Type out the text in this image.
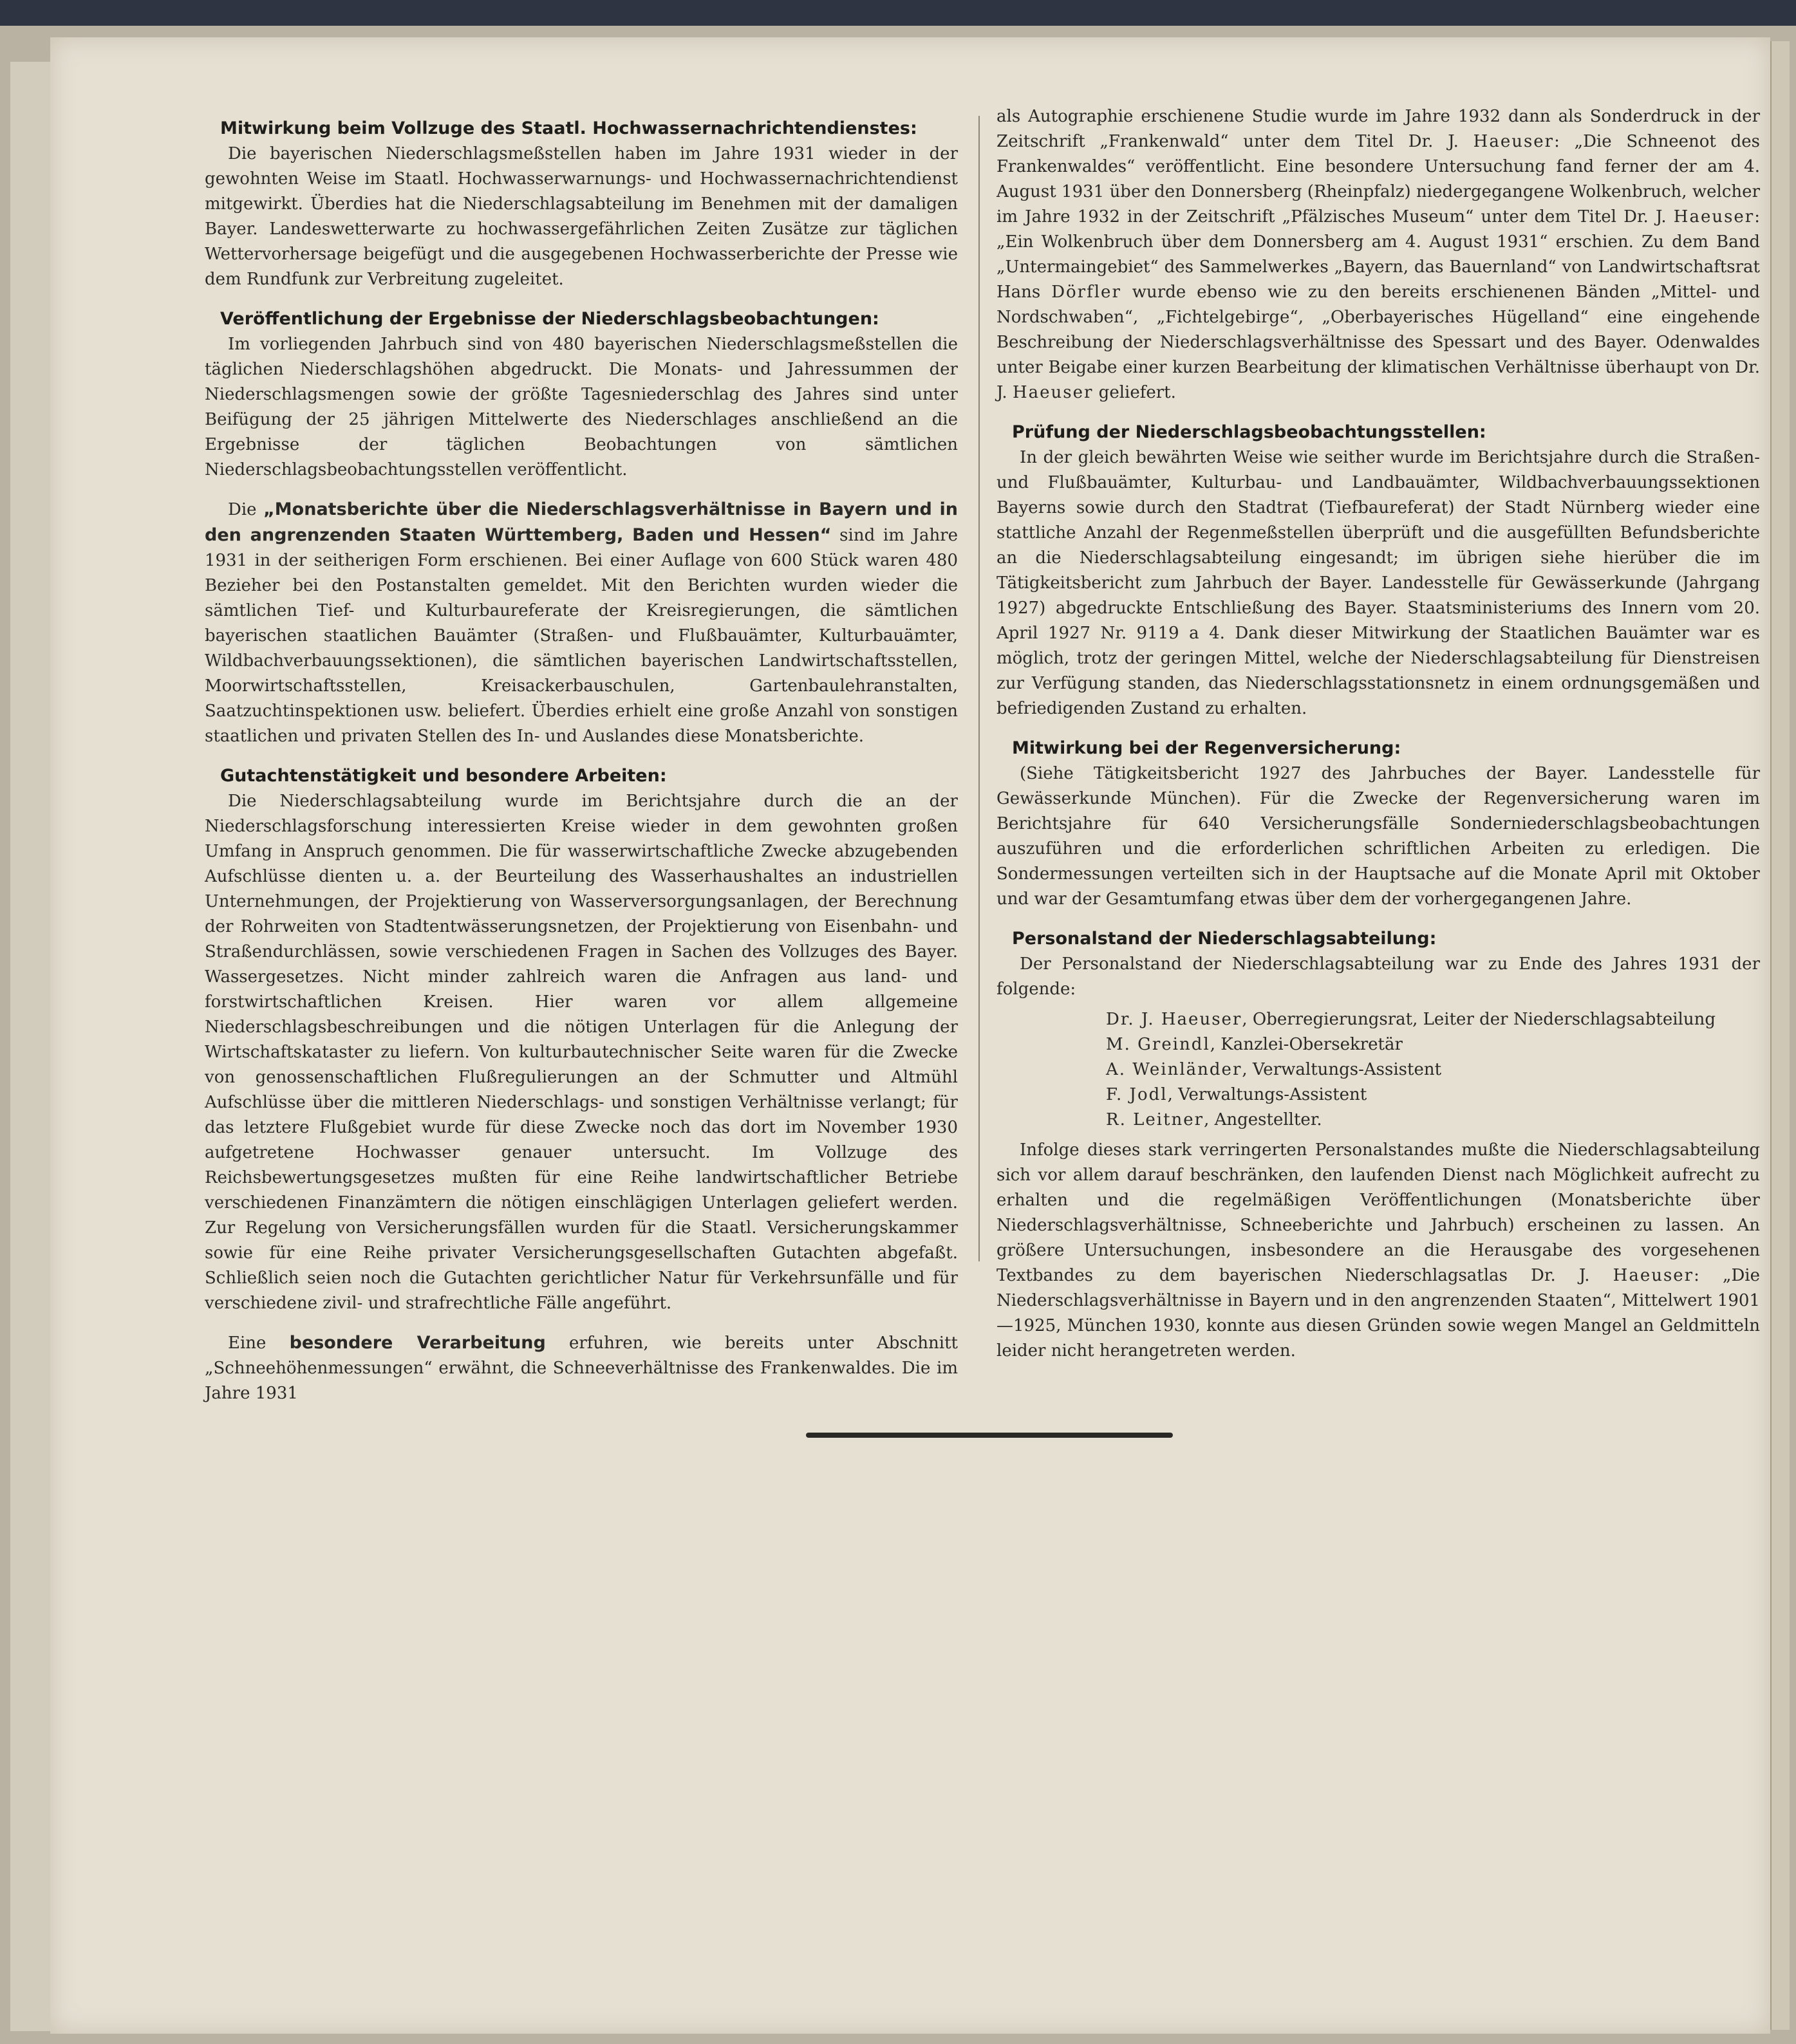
Mitwirkung beim Vollzuge des Staatl. Hochwassernachrichtendienstes:

Die bayerischen Niederschlagsmeßstellen haben im Jahre 1931 wieder in der gewohnten Weise im Staatl. Hochwasserwarnungs- und Hochwassernachrichtendienst mitgewirkt. Überdies hat die Niederschlagsabteilung im Benehmen mit der damaligen Bayer. Landeswetterwarte zu hochwassergefährlichen Zeiten Zusätze zur täglichen Wettervorhersage beigefügt und die ausgegebenen Hochwasserberichte der Presse wie dem Rundfunk zur Verbreitung zugeleitet.

Veröffentlichung der Ergebnisse der Niederschlagsbeobachtungen:

Im vorliegenden Jahrbuch sind von 480 bayerischen Niederschlagsmeßstellen die täglichen Niederschlagshöhen abgedruckt. Die Monats- und Jahressummen der Niederschlagsmengen sowie der größte Tagesniederschlag des Jahres sind unter Beifügung der 25 jährigen Mittelwerte des Niederschlages anschließend an die Ergebnisse der täglichen Beobachtungen von sämtlichen Niederschlagsbeobachtungsstellen veröffentlicht.

Die „Monatsberichte über die Niederschlagsverhältnisse in Bayern und in den angrenzenden Staaten Württemberg, Baden und Hessen“ sind im Jahre 1931 in der seitherigen Form erschienen. Bei einer Auflage von 600 Stück waren 480 Bezieher bei den Postanstalten gemeldet. Mit den Berichten wurden wieder die sämtlichen Tief- und Kulturbaureferate der Kreisregierungen, die sämtlichen bayerischen staatlichen Bauämter (Straßen- und Flußbauämter, Kulturbauämter, Wildbachverbauungssektionen), die sämtlichen bayerischen Landwirtschaftsstellen, Moorwirtschaftsstellen, Kreisackerbauschulen, Gartenbaulehranstalten, Saatzuchtinspektionen usw. beliefert. Überdies erhielt eine große Anzahl von sonstigen staatlichen und privaten Stellen des In- und Auslandes diese Monatsberichte.

Gutachtenstätigkeit und besondere Arbeiten:

Die Niederschlagsabteilung wurde im Berichtsjahre durch die an der Niederschlagsforschung interessierten Kreise wieder in dem gewohnten großen Umfang in Anspruch genommen. Die für wasserwirtschaftliche Zwecke abzugebenden Aufschlüsse dienten u. a. der Beurteilung des Wasserhaushaltes an industriellen Unternehmungen, der Projektierung von Wasserversorgungsanlagen, der Berechnung der Rohrweiten von Stadtentwässerungsnetzen, der Projektierung von Eisenbahn- und Straßendurchlässen, sowie verschiedenen Fragen in Sachen des Vollzuges des Bayer. Wassergesetzes. Nicht minder zahlreich waren die Anfragen aus land- und forstwirtschaftlichen Kreisen. Hier waren vor allem allgemeine Niederschlagsbeschreibungen und die nötigen Unterlagen für die Anlegung der Wirtschaftskataster zu liefern. Von kulturbautechnischer Seite waren für die Zwecke von genossenschaftlichen Flußregulierungen an der Schmutter und Altmühl Aufschlüsse über die mittleren Niederschlags- und sonstigen Verhältnisse verlangt; für das letztere Flußgebiet wurde für diese Zwecke noch das dort im November 1930 aufgetretene Hochwasser genauer untersucht. Im Vollzuge des Reichsbewertungsgesetzes mußten für eine Reihe landwirtschaftlicher Betriebe verschiedenen Finanzämtern die nötigen einschlägigen Unterlagen geliefert werden. Zur Regelung von Versicherungsfällen wurden für die Staatl. Versicherungskammer sowie für eine Reihe privater Versicherungsgesellschaften Gutachten abgefaßt. Schließlich seien noch die Gutachten gerichtlicher Natur für Verkehrsunfälle und für verschiedene zivil- und strafrechtliche Fälle angeführt.

Eine besondere Verarbeitung erfuhren, wie bereits unter Abschnitt „Schneehöhenmessungen“ erwähnt, die Schneeverhältnisse des Frankenwaldes. Die im Jahre 1931

als Autographie erschienene Studie wurde im Jahre 1932 dann als Sonderdruck in der Zeitschrift „Frankenwald“ unter dem Titel Dr. J. Haeuser: „Die Schneenot des Frankenwaldes“ veröffentlicht. Eine besondere Untersuchung fand ferner der am 4. August 1931 über den Donnersberg (Rheinpfalz) niedergegangene Wolkenbruch, welcher im Jahre 1932 in der Zeitschrift „Pfälzisches Museum“ unter dem Titel Dr. J. Haeuser: „Ein Wolkenbruch über dem Donnersberg am 4. August 1931“ erschien. Zu dem Band „Untermaingebiet“ des Sammelwerkes „Bayern, das Bauernland“ von Landwirtschaftsrat Hans Dörfler wurde ebenso wie zu den bereits erschienenen Bänden „Mittel- und Nordschwaben“, „Fichtelgebirge“, „Oberbayerisches Hügelland“ eine eingehende Beschreibung der Niederschlagsverhältnisse des Spessart und des Bayer. Odenwaldes unter Beigabe einer kurzen Bearbeitung der klimatischen Verhältnisse überhaupt von Dr. J. Haeuser geliefert.

Prüfung der Niederschlagsbeobachtungsstellen:

In der gleich bewährten Weise wie seither wurde im Berichtsjahre durch die Straßen- und Flußbauämter, Kulturbau- und Landbauämter, Wildbachverbauungssektionen Bayerns sowie durch den Stadtrat (Tiefbaureferat) der Stadt Nürnberg wieder eine stattliche Anzahl der Regenmeßstellen überprüft und die ausgefüllten Befundsberichte an die Niederschlagsabteilung eingesandt; im übrigen siehe hierüber die im Tätigkeitsbericht zum Jahrbuch der Bayer. Landesstelle für Gewässerkunde (Jahrgang 1927) abgedruckte Entschließung des Bayer. Staatsministeriums des Innern vom 20. April 1927 Nr. 9119 a 4. Dank dieser Mitwirkung der Staatlichen Bauämter war es möglich, trotz der geringen Mittel, welche der Niederschlagsabteilung für Dienstreisen zur Verfügung standen, das Niederschlagsstationsnetz in einem ordnungsgemäßen und befriedigenden Zustand zu erhalten.

Mitwirkung bei der Regenversicherung:

(Siehe Tätigkeitsbericht 1927 des Jahrbuches der Bayer. Landesstelle für Gewässerkunde München). Für die Zwecke der Regenversicherung waren im Berichtsjahre für 640 Versicherungsfälle Sonderniederschlagsbeobachtungen auszuführen und die erforderlichen schriftlichen Arbeiten zu erledigen. Die Sondermessungen verteilten sich in der Hauptsache auf die Monate April mit Oktober und war der Gesamtumfang etwas über dem der vorhergegangenen Jahre.

Personalstand der Niederschlagsabteilung:

Der Personalstand der Niederschlagsabteilung war zu Ende des Jahres 1931 der folgende:

Dr. J. Haeuser, Oberregierungsrat, Leiter der Niederschlagsabteilung
M. Greindl, Kanzlei-Obersekretär
A. Weinländer, Verwaltungs-Assistent
F. Jodl, Verwaltungs-Assistent
R. Leitner, Angestellter.

Infolge dieses stark verringerten Personalstandes mußte die Niederschlagsabteilung sich vor allem darauf beschränken, den laufenden Dienst nach Möglichkeit aufrecht zu erhalten und die regelmäßigen Veröffentlichungen (Monatsberichte über Niederschlagsverhältnisse, Schneeberichte und Jahrbuch) erscheinen zu lassen. An größere Untersuchungen, insbesondere an die Herausgabe des vorgesehenen Textbandes zu dem bayerischen Niederschlagsatlas Dr. J. Haeuser: „Die Niederschlagsverhältnisse in Bayern und in den angrenzenden Staaten“, Mittelwert 1901—1925, München 1930, konnte aus diesen Gründen sowie wegen Mangel an Geldmitteln leider nicht herangetreten werden.
